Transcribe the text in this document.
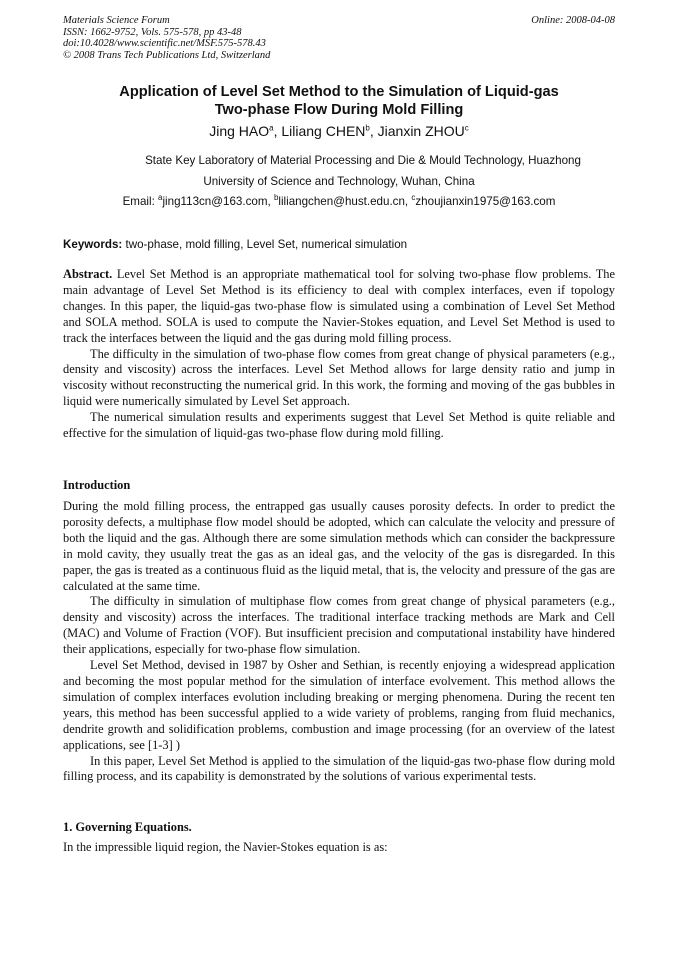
Materials Science Forum
ISSN: 1662-9752, Vols. 575-578, pp 43-48
doi:10.4028/www.scientific.net/MSF.575-578.43
© 2008 Trans Tech Publications Ltd, Switzerland
Online: 2008-04-08
Application of Level Set Method to the Simulation of Liquid-gas
Two-phase Flow During Mold Filling
Jing HAO$^a$, Liliang CHEN$^b$, Jianxin ZHOU$^c$
State Key Laboratory of Material Processing and Die & Mould Technology, Huazhong
University of Science and Technology, Wuhan, China
Email: $^a$jing113cn@163.com, $^b$liliangchen@hust.edu.cn, $^c$zhoujianxin1975@163.com
Keywords: two-phase, mold filling, Level Set, numerical simulation

Abstract. Level Set Method is an appropriate mathematical tool for solving two-phase flow problems. The main advantage of Level Set Method is its efficiency to deal with complex interfaces, even if topology changes. In this paper, the liquid-gas two-phase flow is simulated using a combination of Level Set Method and SOLA method. SOLA is used to compute the Navier-Stokes equation, and Level Set Method is used to track the interfaces between the liquid and the gas during mold filling process.

The difficulty in the simulation of two-phase flow comes from great change of physical parameters (e.g., density and viscosity) across the interfaces. Level Set Method allows for large density ratio and jump in viscosity without reconstructing the numerical grid. In this work, the forming and moving of the gas bubbles in liquid were numerically simulated by Level Set approach.

The numerical simulation results and experiments suggest that Level Set Method is quite reliable and effective for the simulation of liquid-gas two-phase flow during mold filling.

Introduction

During the mold filling process, the entrapped gas usually causes porosity defects. In order to predict the porosity defects, a multiphase flow model should be adopted, which can calculate the velocity and pressure of both the liquid and the gas. Although there are some simulation methods which can consider the backpressure in mold cavity, they usually treat the gas as an ideal gas, and the velocity of the gas is disregarded. In this paper, the gas is treated as a continuous fluid as the liquid metal, that is, the velocity and pressure of the gas are calculated at the same time.

The difficulty in simulation of multiphase flow comes from great change of physical parameters (e.g., density and viscosity) across the interfaces. The traditional interface tracking methods are Mark and Cell (MAC) and Volume of Fraction (VOF). But insufficient precision and computational instability have hindered their applications, especially for two-phase flow simulation.

Level Set Method, devised in 1987 by Osher and Sethian, is recently enjoying a widespread application and becoming the most popular method for the simulation of interface evolvement. This method allows the simulation of complex interfaces evolution including breaking or merging phenomena. During the recent ten years, this method has been successful applied to a wide variety of problems, ranging from fluid mechanics, dendrite growth and solidification problems, combustion and image processing (for an overview of the latest applications, see [1-3] )

In this paper, Level Set Method is applied to the simulation of the liquid-gas two-phase flow during mold filling process, and its capability is demonstrated by the solutions of various experimental tests.

1. Governing Equations.

In the impressible liquid region, the Navier-Stokes equation is as:
